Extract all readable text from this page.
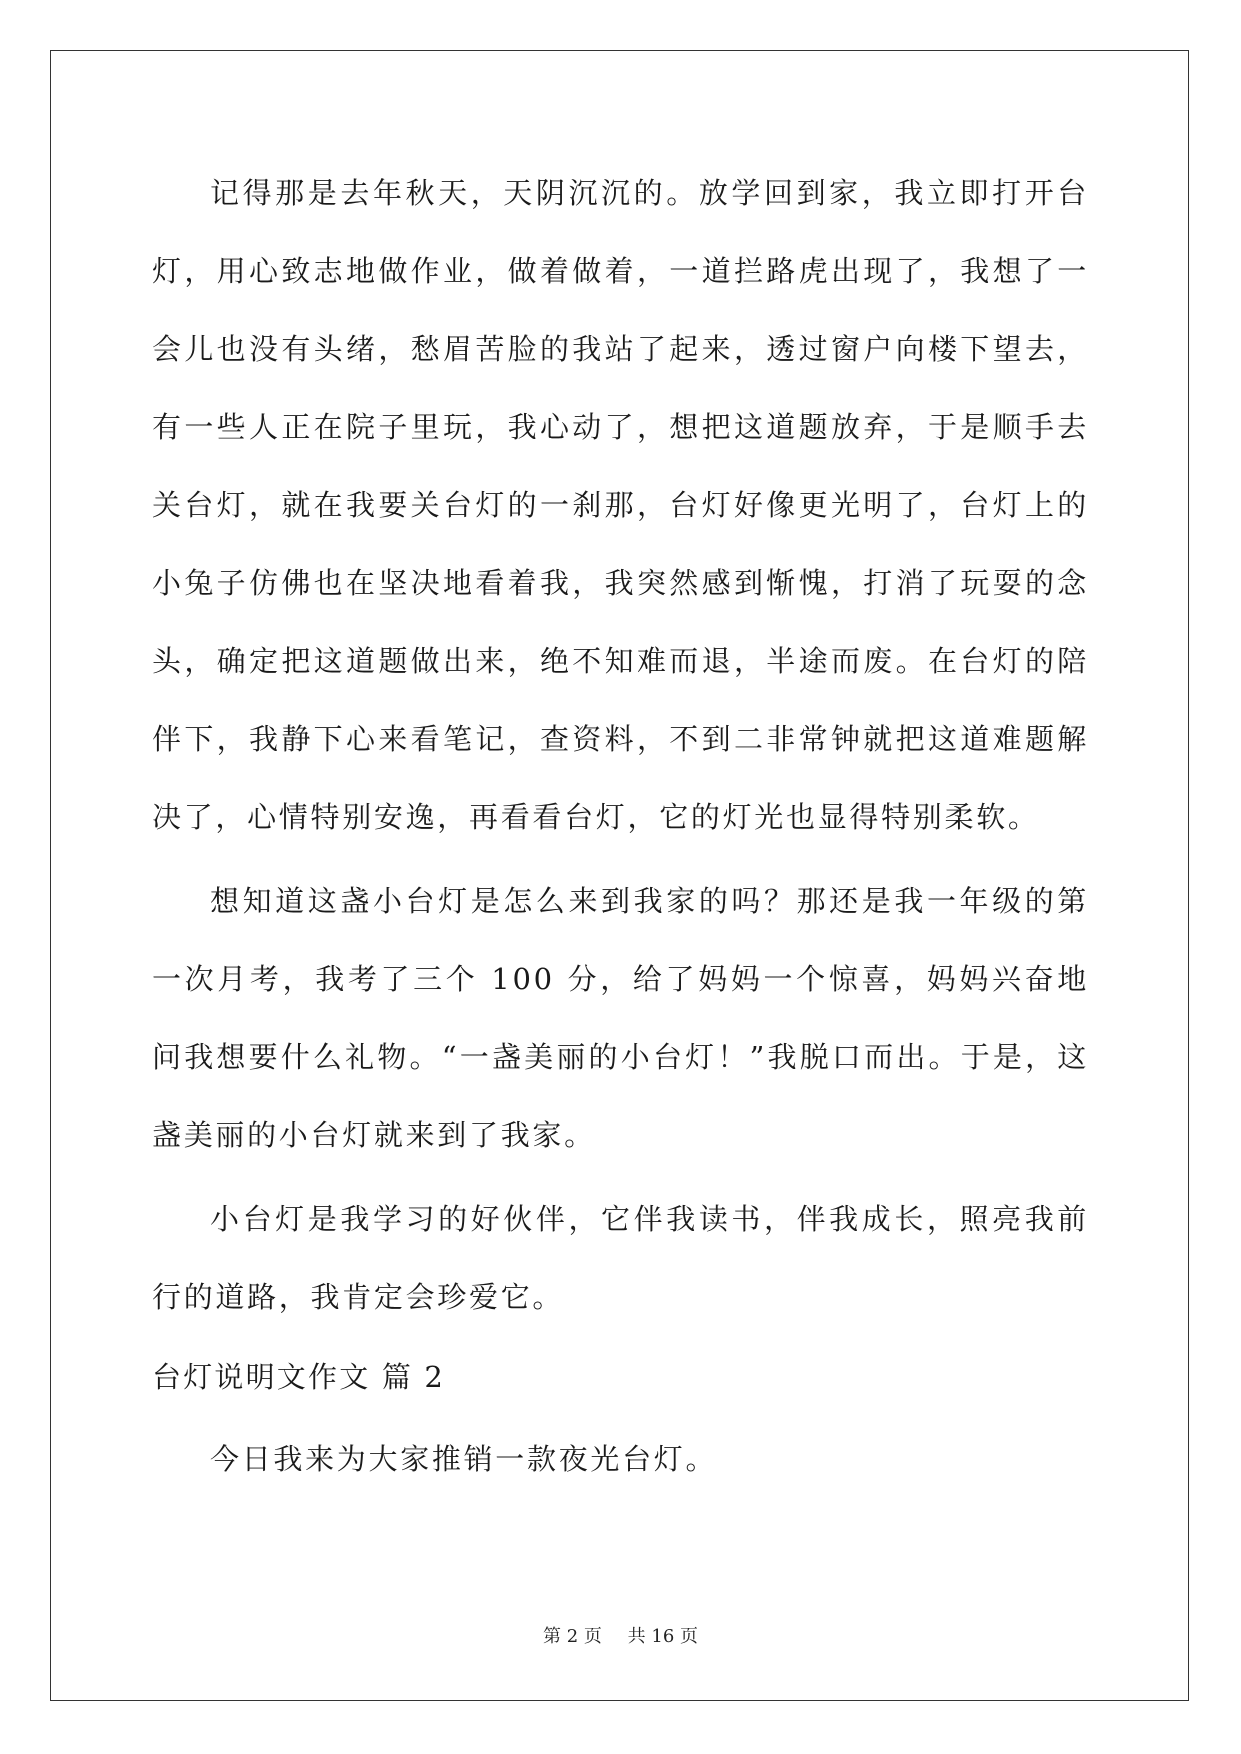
记得那是去年秋天，天阴沉沉的。放学回到家，我立即打开台灯，用心致志地做作业，做着做着，一道拦路虎出现了，我想了一会儿也没有头绪，愁眉苦脸的我站了起来，透过窗户向楼下望去，有一些人正在院子里玩，我心动了，想把这道题放弃，于是顺手去关台灯，就在我要关台灯的一刹那，台灯好像更光明了，台灯上的小兔子仿佛也在坚决地看着我，我突然感到惭愧，打消了玩耍的念头，确定把这道题做出来，绝不知难而退，半途而废。在台灯的陪伴下，我静下心来看笔记，查资料，不到二非常钟就把这道难题解决了，心情特别安逸，再看看台灯，它的灯光也显得特别柔软。

想知道这盏小台灯是怎么来到我家的吗？那还是我一年级的第一次月考，我考了三个 100 分，给了妈妈一个惊喜，妈妈兴奋地问我想要什么礼物。“一盏美丽的小台灯！”我脱口而出。于是，这盏美丽的小台灯就来到了我家。

小台灯是我学习的好伙伴，它伴我读书，伴我成长，照亮我前行的道路，我肯定会珍爱它。

台灯说明文作文 篇 2

今日我来为大家推销一款夜光台灯。

第 2 页 共 16 页
